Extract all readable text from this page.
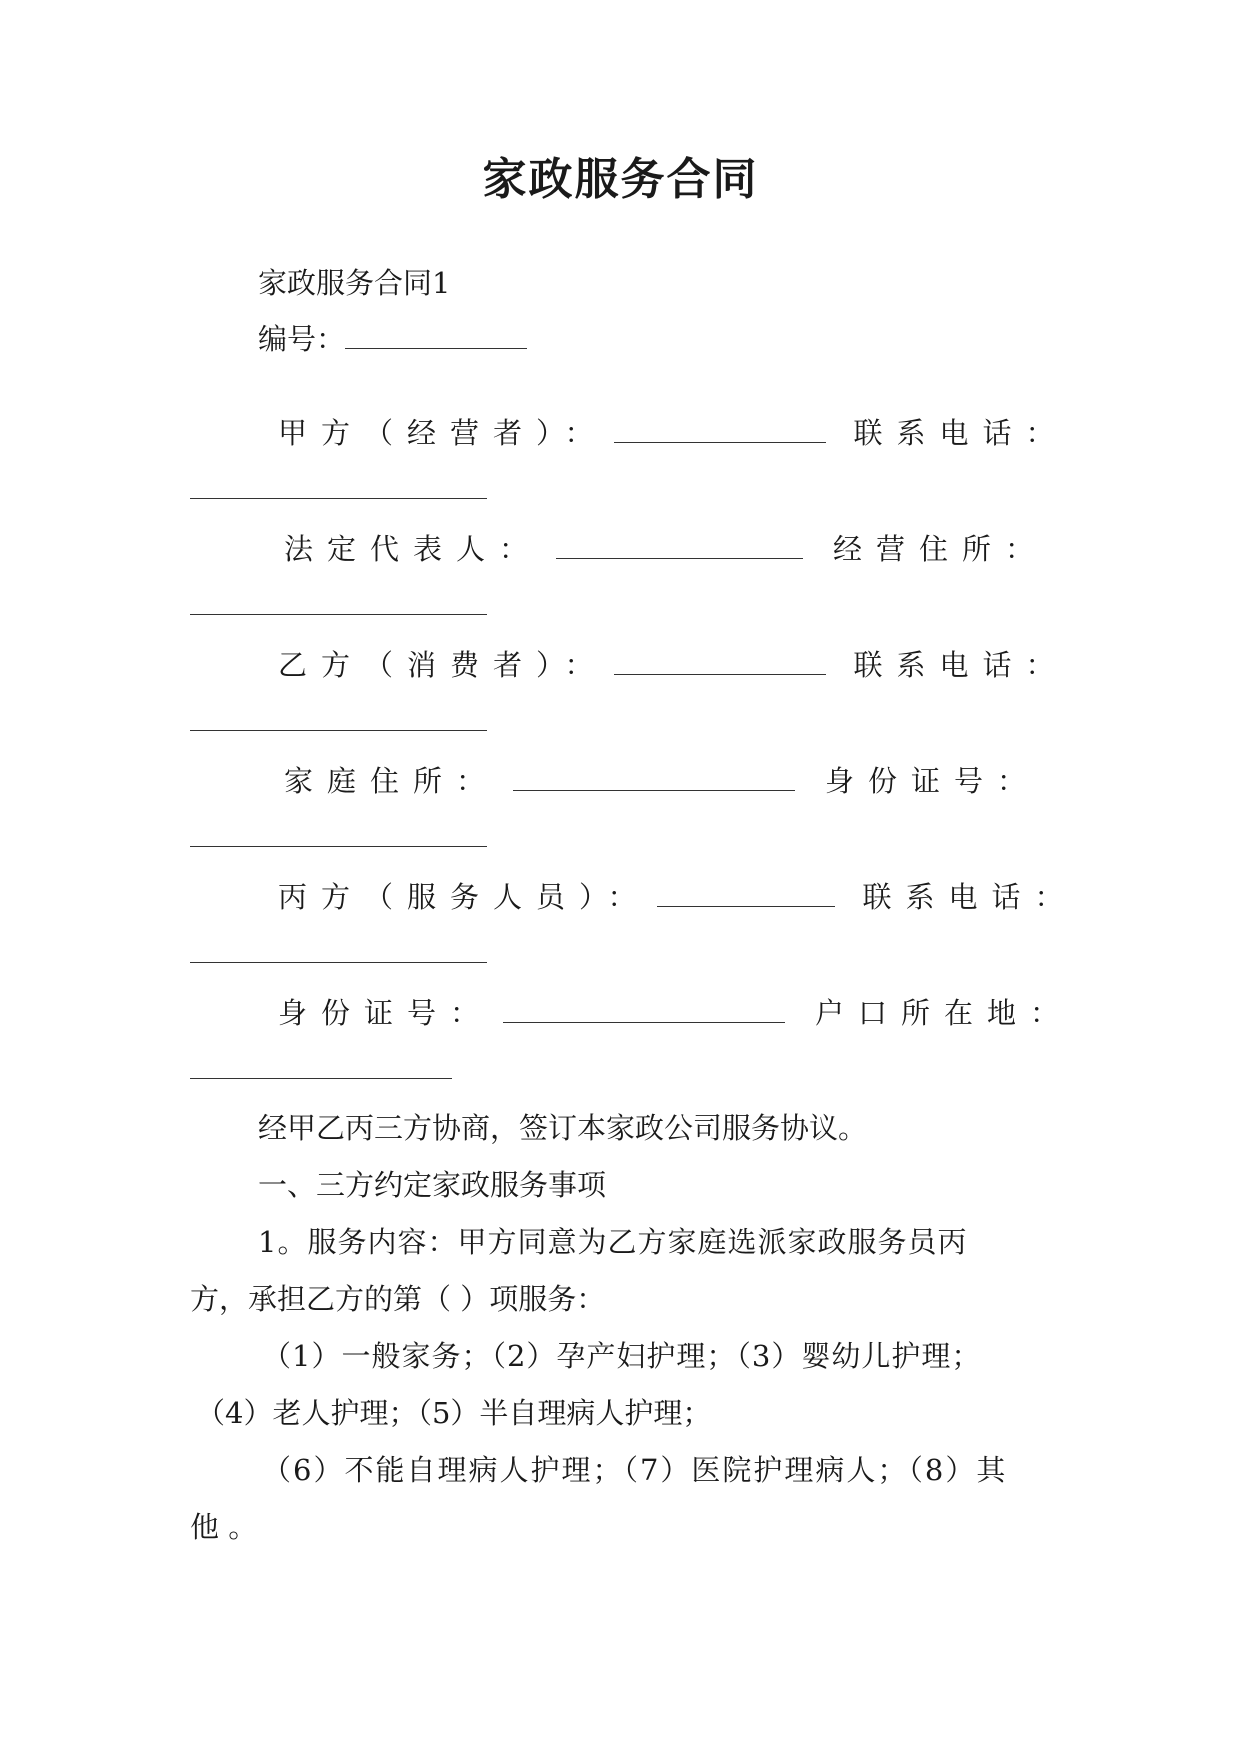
家政服务合同
家政服务合同1
编号：
甲方（经营者）：	联系电话：
法定代表人：	经营住所：
乙方（消费者）：	联系电话：
家庭住所：	身份证号：
丙方（服务人员）：	联系电话：
身份证号：	户口所在地：
经甲乙丙三方协商，签订本家政公司服务协议。
一、三方约定家政服务事项
1。服务内容：甲方同意为乙方家庭选派家政服务员丙
方，承担乙方的第（ ）项服务：
（1）一般家务；（2）孕产妇护理；（3）婴幼儿护理；
（4）老人护理；（5）半自理病人护理；
（6）不能自理病人护理；（7）医院护理病人；（8）其
他 。
